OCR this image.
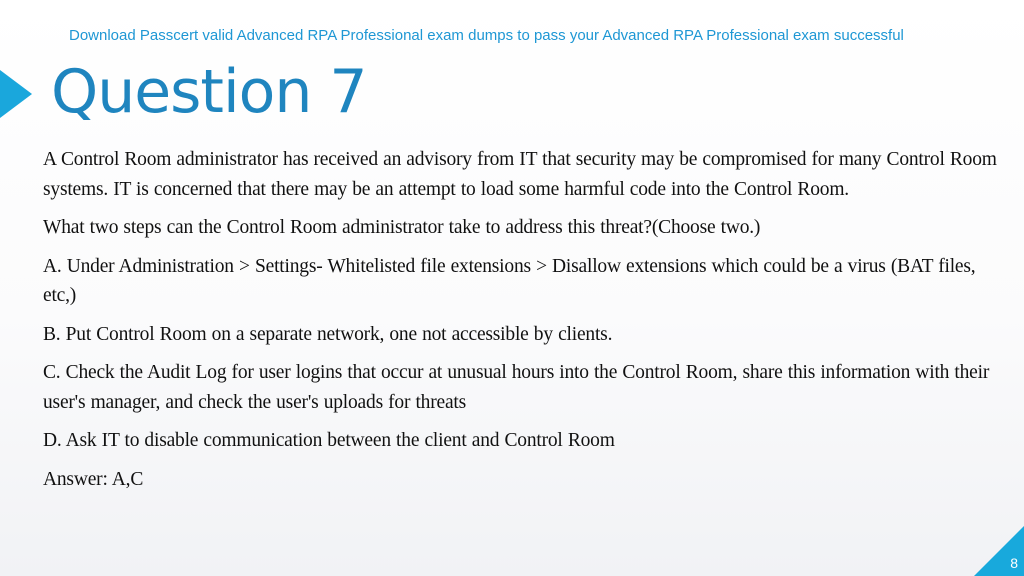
Download Passcert valid Advanced RPA Professional exam dumps to pass your Advanced RPA Professional exam successful
Question 7

A Control Room administrator has received an advisory from IT that security may be compromised for many Control Room systems. IT is concerned that there may be an attempt to load some harmful code into the Control Room.

What two steps can the Control Room administrator take to address this threat?(Choose two.)

A. Under Administration > Settings- Whitelisted file extensions > Disallow extensions which could be a virus (BAT files, etc,)

B. Put Control Room on a separate network, one not accessible by clients.

C. Check the Audit Log for user logins that occur at unusual hours into the Control Room, share this information with their user's manager, and check the user's uploads for threats

D. Ask IT to disable communication between the client and Control Room

Answer: A,C

8
